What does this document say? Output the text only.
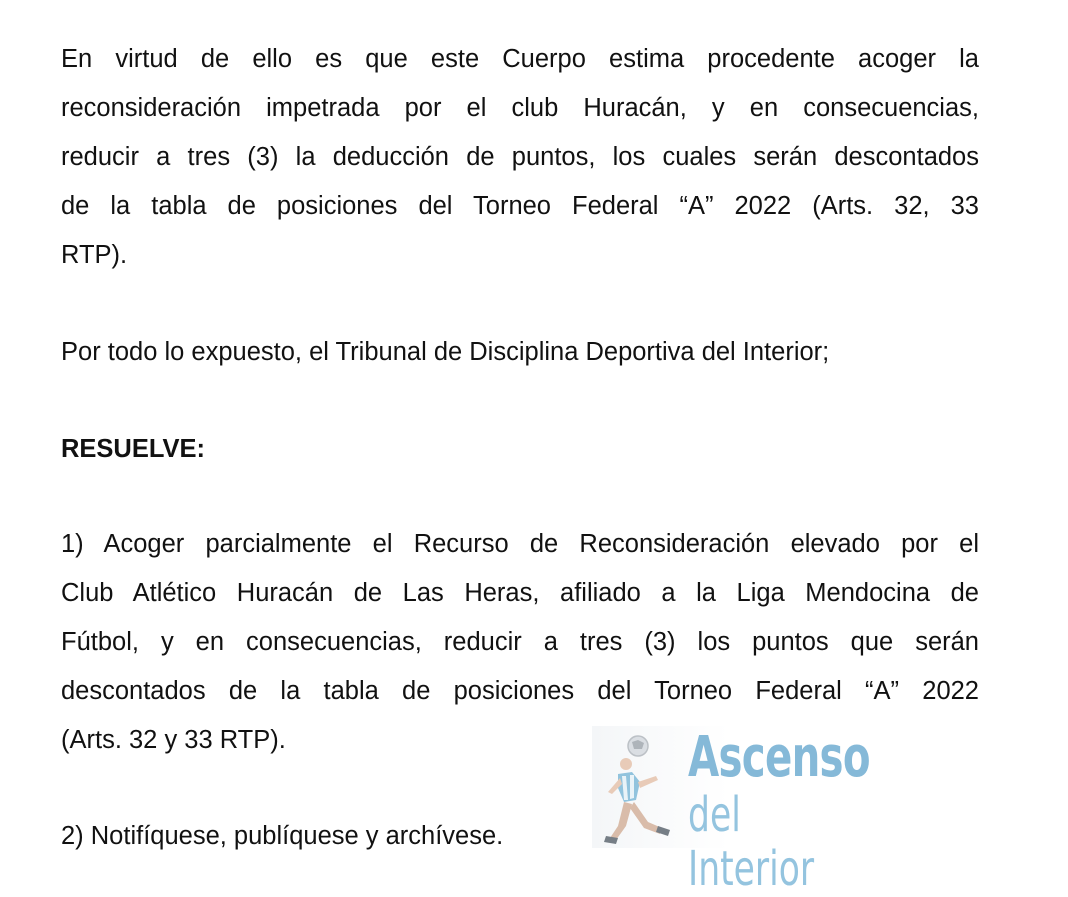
En virtud de ello es que este Cuerpo estima procedente acoger la
reconsideración impetrada por el club Huracán, y en consecuencias,
reducir a tres (3) la deducción de puntos, los cuales serán descontados
de la tabla de posiciones del Torneo Federal “A” 2022 (Arts. 32, 33
RTP).
Por todo lo expuesto, el Tribunal de Disciplina Deportiva del Interior;
RESUELVE:
1) Acoger parcialmente el Recurso de Reconsideración elevado por el
Club Atlético Huracán de Las Heras, afiliado a la Liga Mendocina de
Fútbol, y en consecuencias, reducir a tres (3) los puntos que serán
descontados de la tabla de posiciones del Torneo Federal “A” 2022
(Arts. 32 y 33 RTP).
2) Notifíquese, publíquese y archívese.
Ascenso
del Interior
